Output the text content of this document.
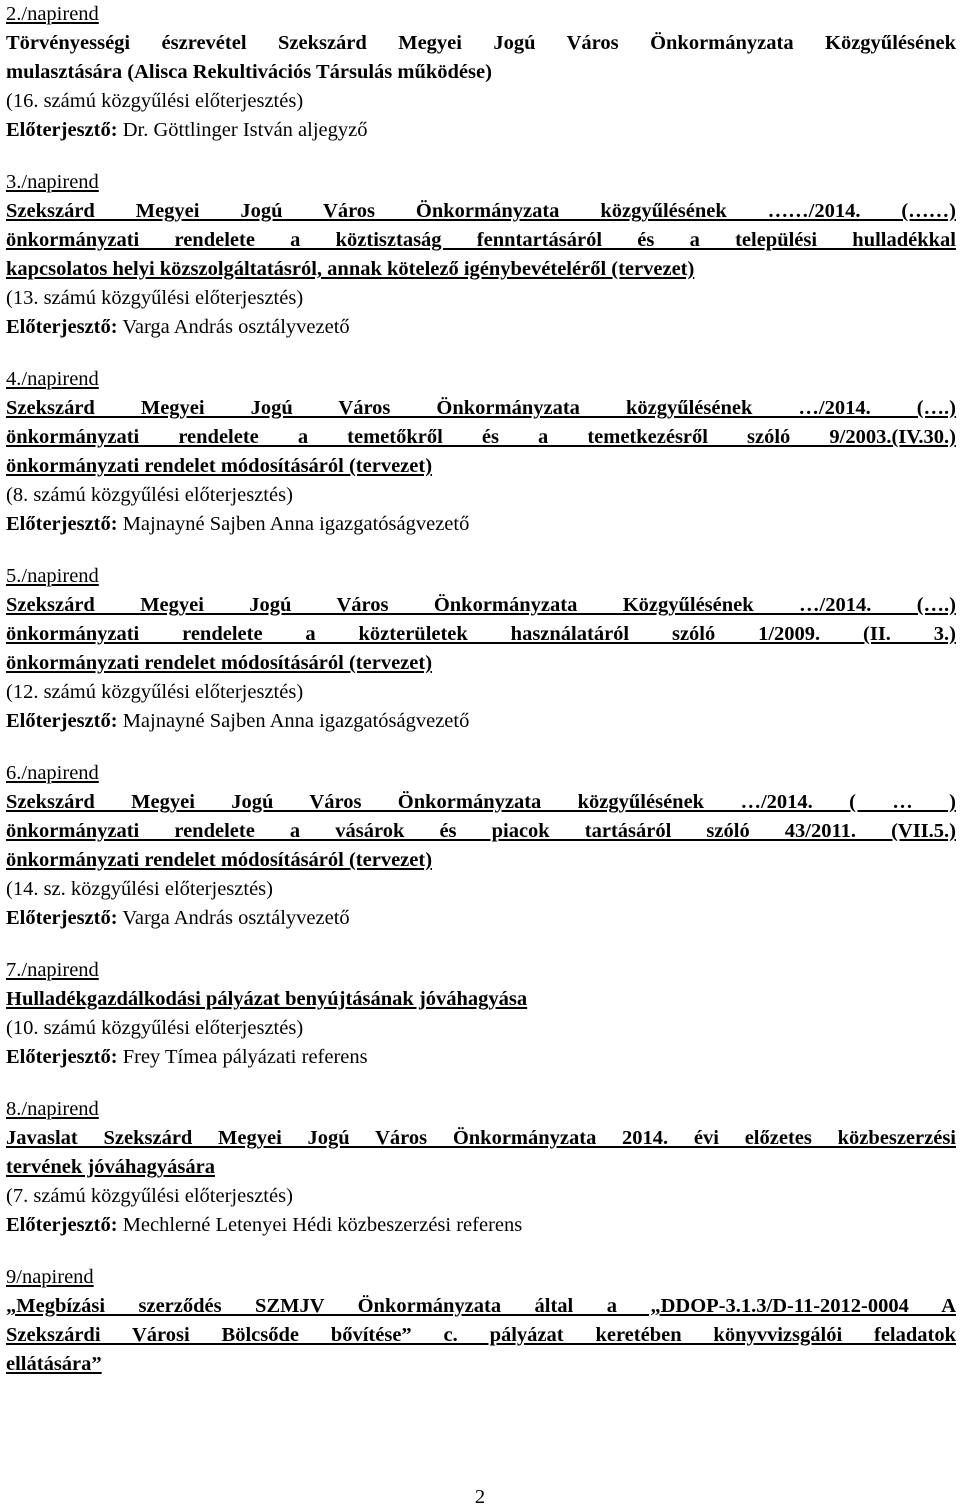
2./napirend
Törvényességi észrevétel Szekszárd Megyei Jogú Város Önkormányzata Közgyűlésének
mulasztására (Alisca Rekultivációs Társulás működése)
(16. számú közgyűlési előterjesztés)
Előterjesztő: Dr. Göttlinger István aljegyző
3./napirend
Szekszárd Megyei Jogú Város Önkormányzata közgyűlésének ……/2014. (……)
önkormányzati rendelete a köztisztaság fenntartásáról és a települési hulladékkal
kapcsolatos helyi közszolgáltatásról, annak kötelező igénybevételéről (tervezet)
(13. számú közgyűlési előterjesztés)
Előterjesztő: Varga András osztályvezető
4./napirend
Szekszárd Megyei Jogú Város Önkormányzata közgyűlésének …/2014. (….)
önkormányzati rendelete a temetőkről és a temetkezésről szóló 9/2003.(IV.30.)
önkormányzati rendelet módosításáról (tervezet)
(8. számú közgyűlési előterjesztés)
Előterjesztő: Majnayné Sajben Anna igazgatóságvezető
5./napirend
Szekszárd Megyei Jogú Város Önkormányzata Közgyűlésének …/2014. (….)
önkormányzati rendelete a közterületek használatáról szóló 1/2009. (II. 3.)
önkormányzati rendelet módosításáról (tervezet)
(12. számú közgyűlési előterjesztés)
Előterjesztő: Majnayné Sajben Anna igazgatóságvezető
6./napirend
Szekszárd Megyei Jogú Város Önkormányzata közgyűlésének …/2014. ( … )
önkormányzati rendelete a vásárok és piacok tartásáról szóló 43/2011. (VII.5.)
önkormányzati rendelet módosításáról (tervezet)
(14. sz. közgyűlési előterjesztés)
Előterjesztő: Varga András osztályvezető
7./napirend
Hulladékgazdálkodási pályázat benyújtásának jóváhagyása
(10. számú közgyűlési előterjesztés)
Előterjesztő: Frey Tímea pályázati referens
8./napirend
Javaslat Szekszárd Megyei Jogú Város Önkormányzata 2014. évi előzetes közbeszerzési
tervének jóváhagyására
(7. számú közgyűlési előterjesztés)
Előterjesztő: Mechlerné Letenyei Hédi közbeszerzési referens
9/napirend
„Megbízási szerződés SZMJV Önkormányzata által a „DDOP-3.1.3/D-11-2012-0004 A
Szekszárdi Városi Bölcsőde bővítése” c. pályázat keretében könyvvizsgálói feladatok
ellátására”
2
